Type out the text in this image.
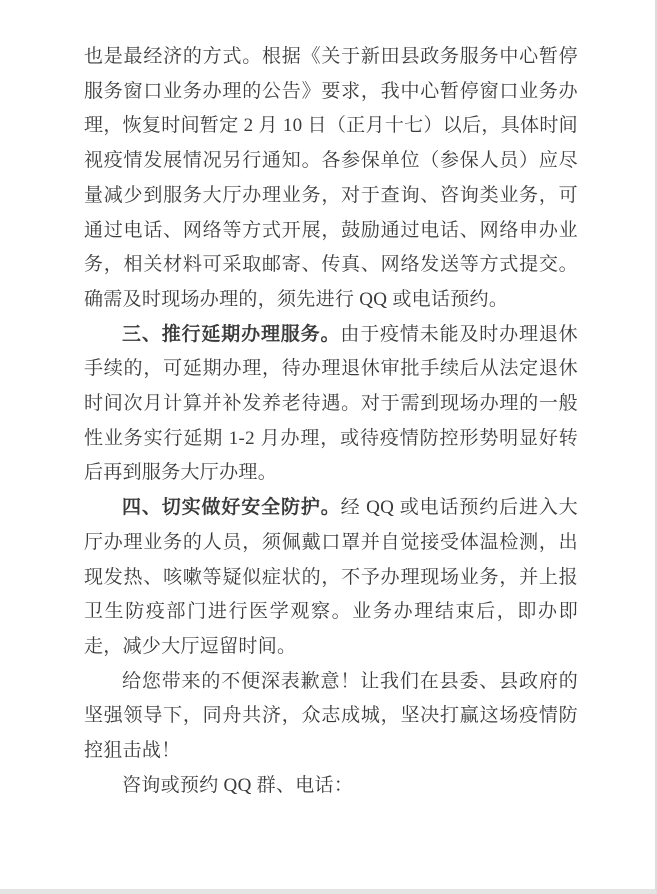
也是最经济的方式。根据《关于新田县政务服务中心暂停服务窗口业务办理的公告》要求，我中心暂停窗口业务办理，恢复时间暂定 2 月 10 日（正月十七）以后，具体时间视疫情发展情况另行通知。各参保单位（参保人员）应尽量减少到服务大厅办理业务，对于查询、咨询类业务，可通过电话、网络等方式开展，鼓励通过电话、网络申办业务，相关材料可采取邮寄、传真、网络发送等方式提交。确需及时现场办理的，须先进行 QQ 或电话预约。

三、推行延期办理服务。由于疫情未能及时办理退休手续的，可延期办理，待办理退休审批手续后从法定退休时间次月计算并补发养老待遇。对于需到现场办理的一般性业务实行延期 1-2 月办理，或待疫情防控形势明显好转后再到服务大厅办理。

四、切实做好安全防护。经 QQ 或电话预约后进入大厅办理业务的人员，须佩戴口罩并自觉接受体温检测，出现发热、咳嗽等疑似症状的，不予办理现场业务，并上报卫生防疫部门进行医学观察。业务办理结束后，即办即走，减少大厅逗留时间。

给您带来的不便深表歉意！让我们在县委、县政府的坚强领导下，同舟共济，众志成城，坚决打赢这场疫情防控狙击战！

咨询或预约 QQ 群、电话：
